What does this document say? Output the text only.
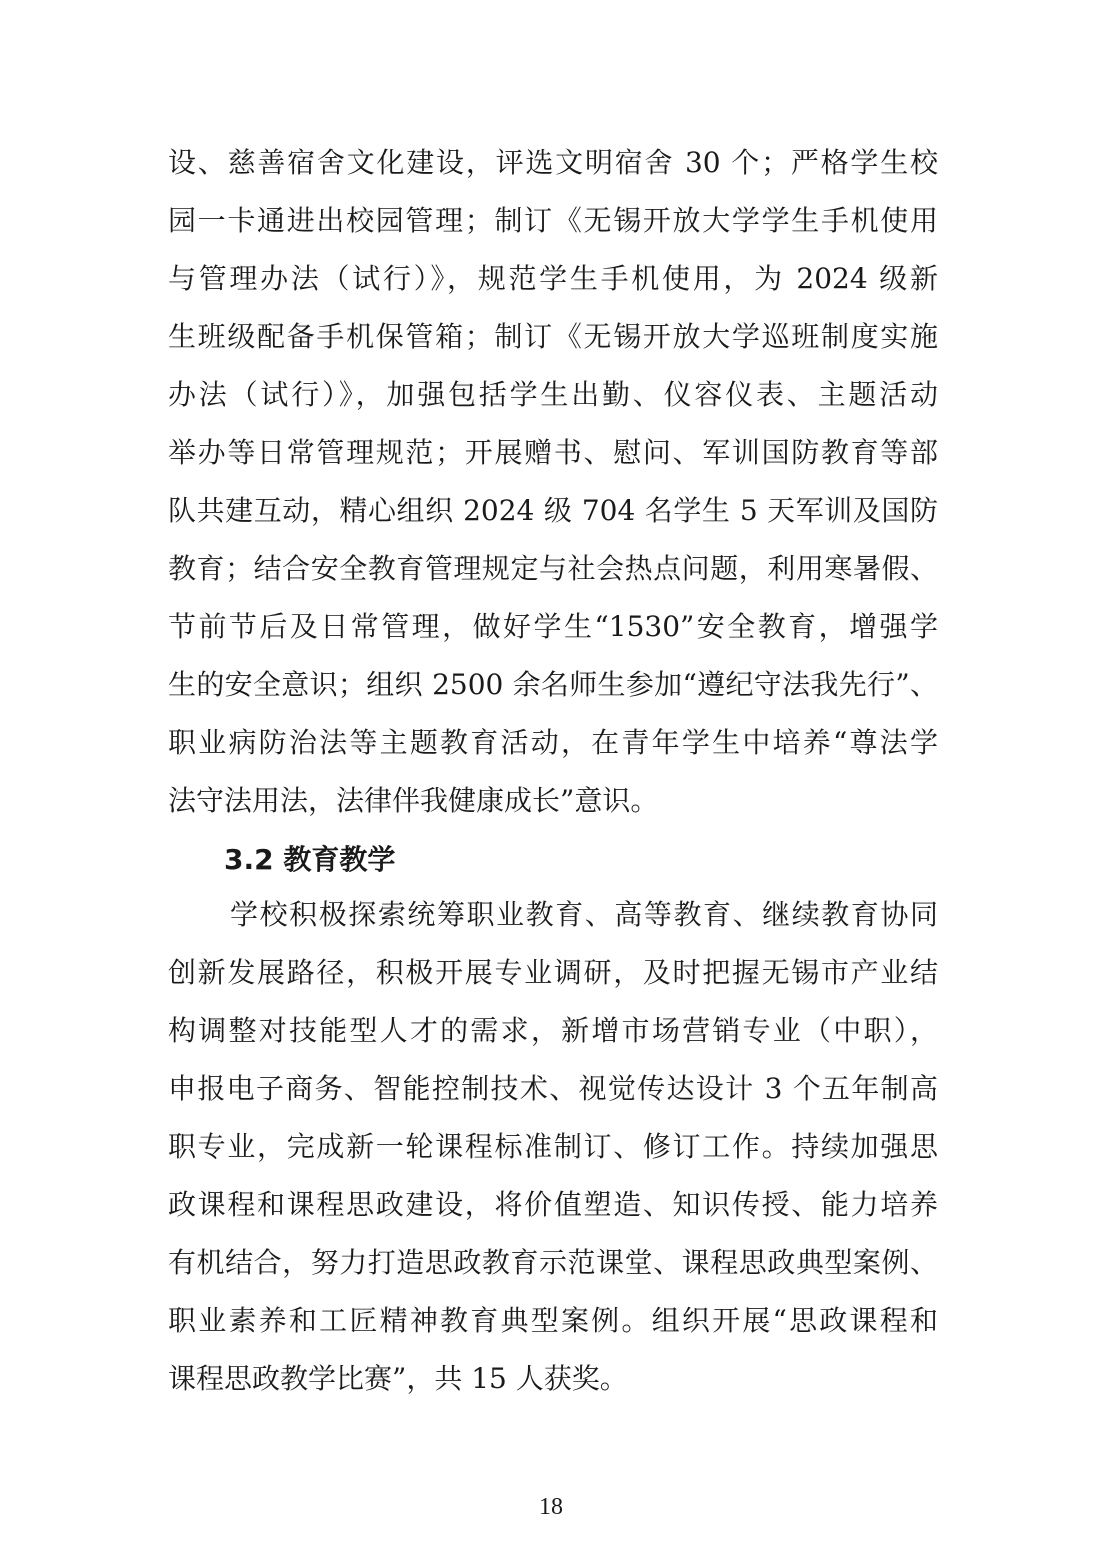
设、慈善宿舍文化建设，评选文明宿舍 30 个；严格学生校
园一卡通进出校园管理；制订《无锡开放大学学生手机使用
与管理办法（试行）》，规范学生手机使用，为 2024 级新
生班级配备手机保管箱；制订《无锡开放大学巡班制度实施
办法（试行）》，加强包括学生出勤、仪容仪表、主题活动
举办等日常管理规范；开展赠书、慰问、军训国防教育等部
队共建互动，精心组织 2024 级 704 名学生 5 天军训及国防
教育；结合安全教育管理规定与社会热点问题，利用寒暑假、
节前节后及日常管理，做好学生“1530”安全教育，增强学
生的安全意识；组织 2500 余名师生参加“遵纪守法我先行”、
职业病防治法等主题教育活动，在青年学生中培养“尊法学
法守法用法，法律伴我健康成长”意识。
3.2 教育教学
学校积极探索统筹职业教育、高等教育、继续教育协同
创新发展路径，积极开展专业调研，及时把握无锡市产业结
构调整对技能型人才的需求，新增市场营销专业（中职），
申报电子商务、智能控制技术、视觉传达设计 3 个五年制高
职专业，完成新一轮课程标准制订、修订工作。持续加强思
政课程和课程思政建设，将价值塑造、知识传授、能力培养
有机结合，努力打造思政教育示范课堂、课程思政典型案例、
职业素养和工匠精神教育典型案例。组织开展“思政课程和
课程思政教学比赛”，共 15 人获奖。
18
